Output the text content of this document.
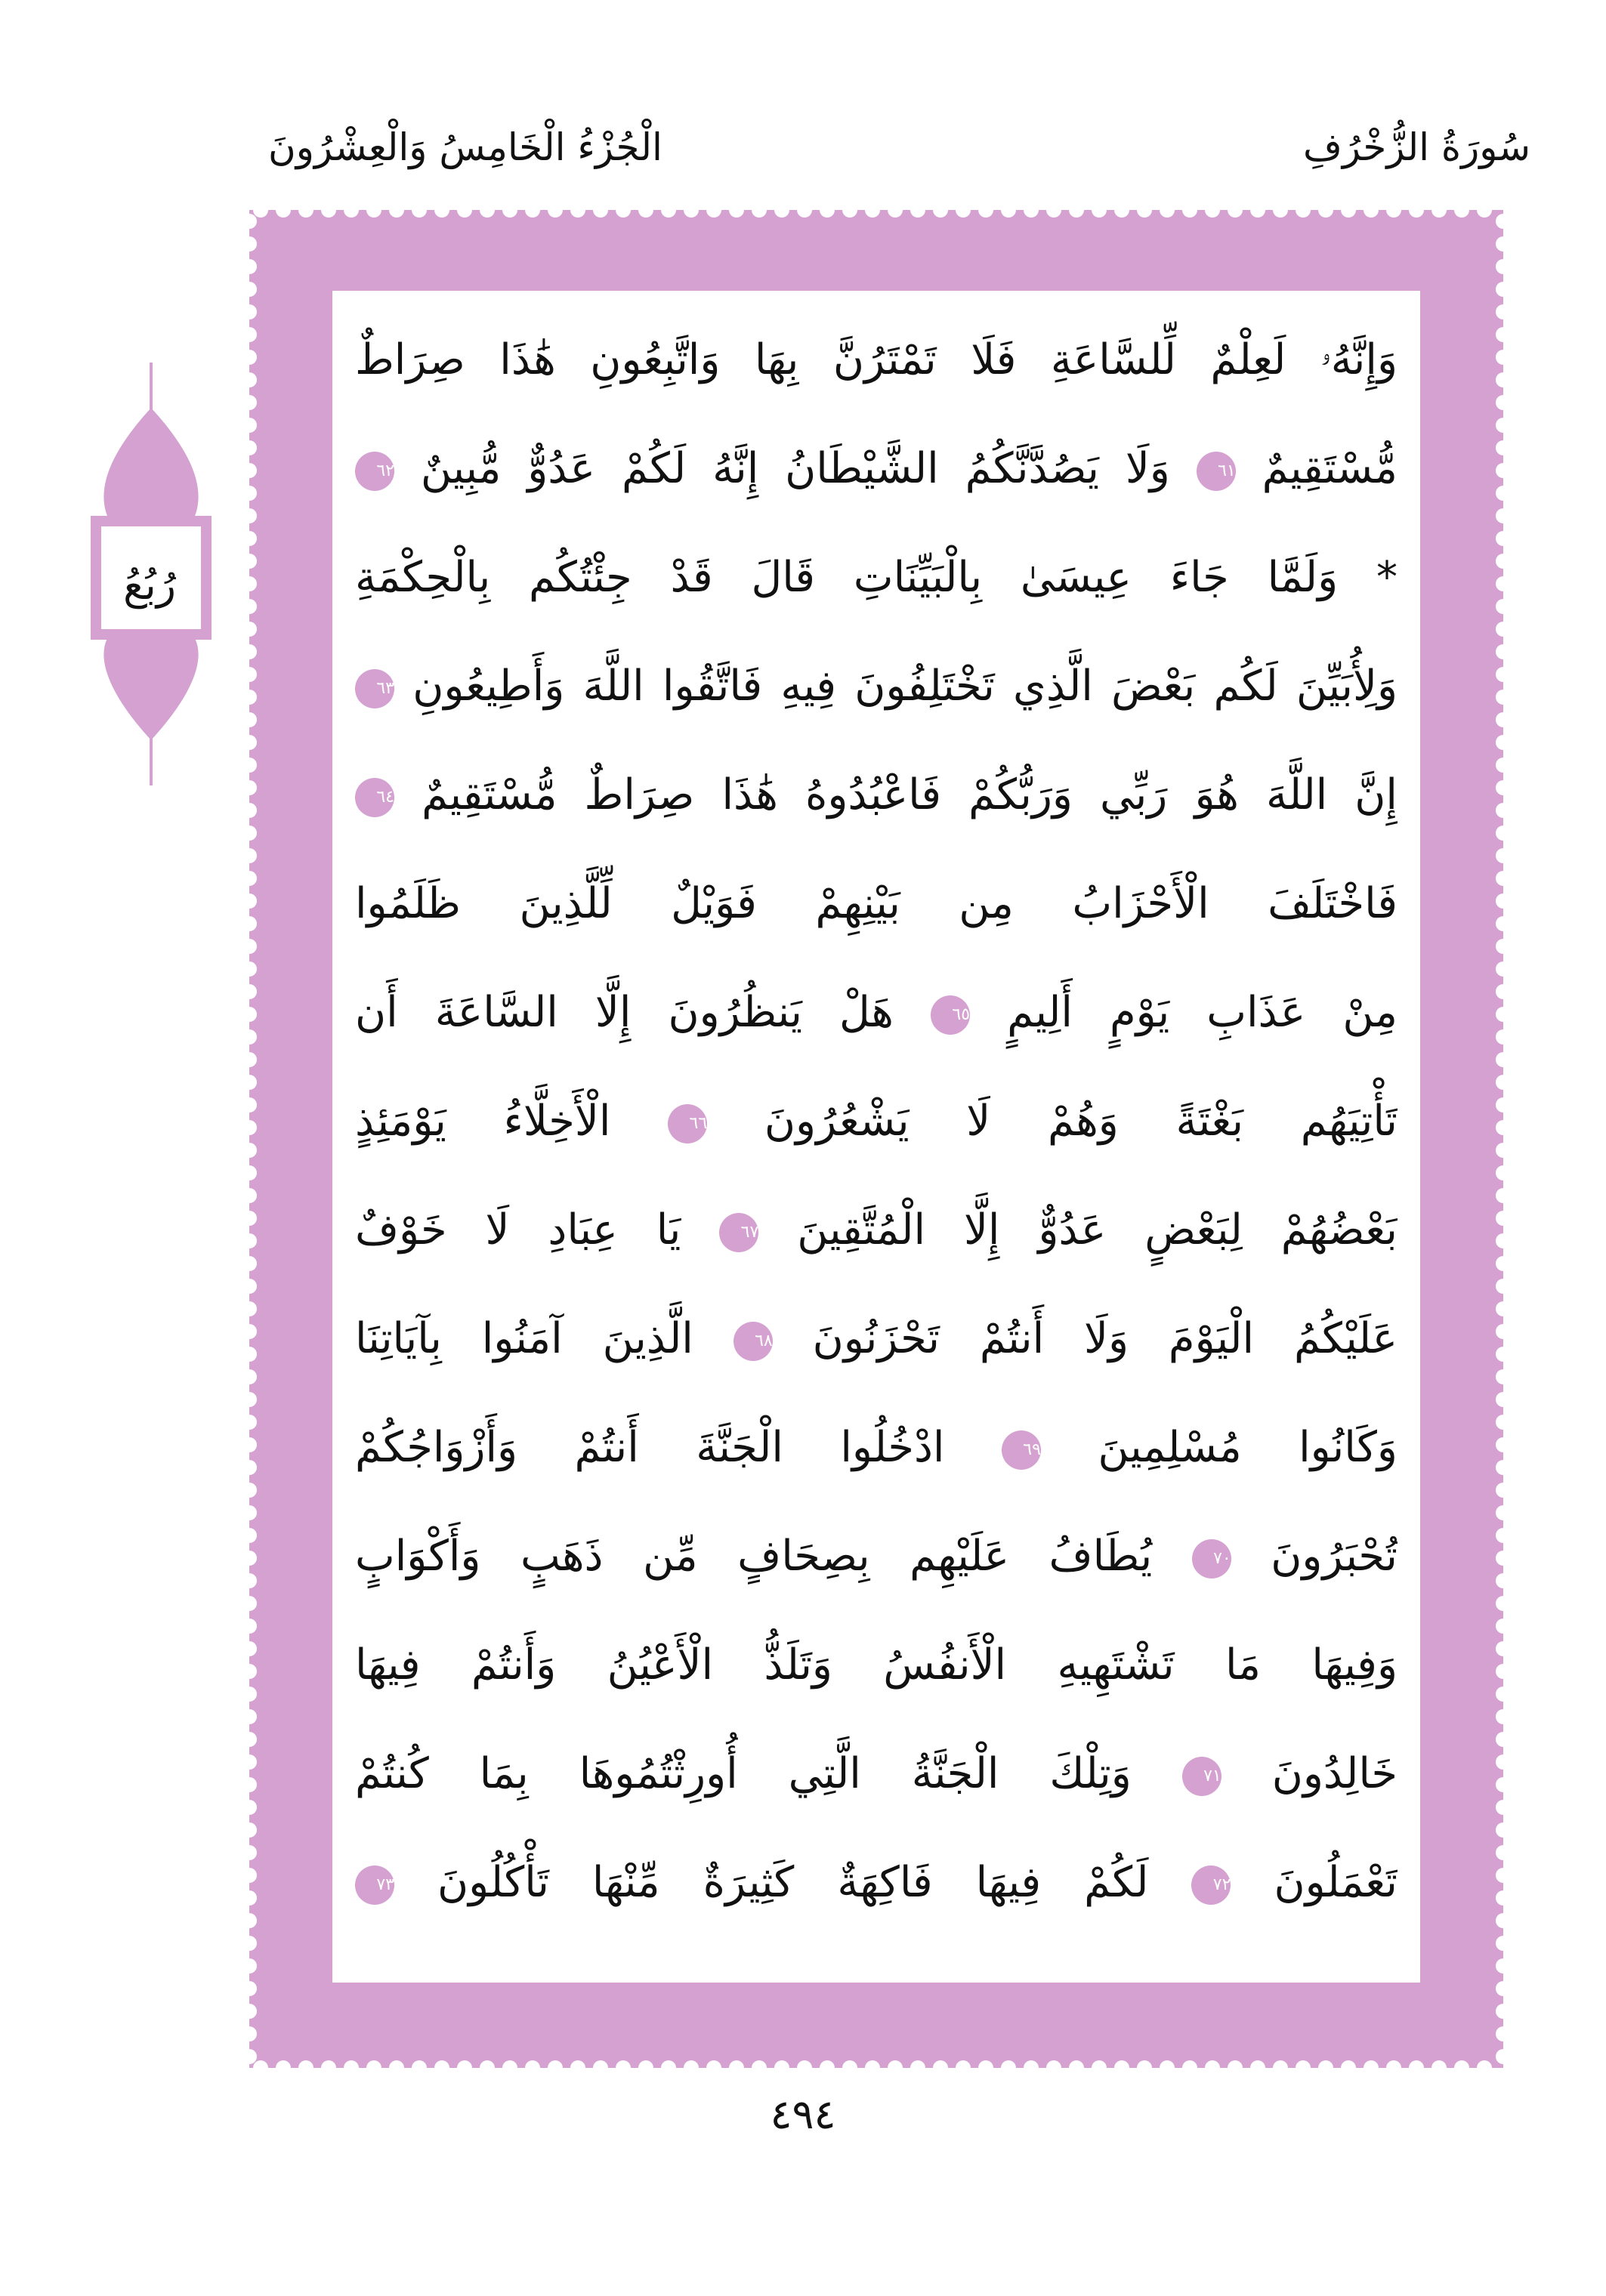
الْجُزْءُ الْخَامِسُ وَالْعِشْرُونَ	سُورَةُ الزُّخْرُفِ
رُبُعُ
وَإِنَّهُۥ لَعِلْمٌ لِّلسَّاعَةِ فَلَا تَمْتَرُنَّ بِهَا وَاتَّبِعُونِ هَٰذَا صِرَاطٌ
مُّسْتَقِيمٌ ٦١ وَلَا يَصُدَّنَّكُمُ الشَّيْطَانُ إِنَّهُ لَكُمْ عَدُوٌّ مُّبِينٌ ٦٢
* وَلَمَّا جَاءَ عِيسَىٰ بِالْبَيِّنَاتِ قَالَ قَدْ جِئْتُكُم بِالْحِكْمَةِ
وَلِأُبَيِّنَ لَكُم بَعْضَ الَّذِي تَخْتَلِفُونَ فِيهِ فَاتَّقُوا اللَّهَ وَأَطِيعُونِ ٦٣
إِنَّ اللَّهَ هُوَ رَبِّي وَرَبُّكُمْ فَاعْبُدُوهُ هَٰذَا صِرَاطٌ مُّسْتَقِيمٌ ٦٤
فَاخْتَلَفَ الْأَحْزَابُ مِن بَيْنِهِمْ فَوَيْلٌ لِّلَّذِينَ ظَلَمُوا
مِنْ عَذَابِ يَوْمٍ أَلِيمٍ ٦٥ هَلْ يَنظُرُونَ إِلَّا السَّاعَةَ أَن
تَأْتِيَهُم بَغْتَةً وَهُمْ لَا يَشْعُرُونَ ٦٦ الْأَخِلَّاءُ يَوْمَئِذٍ
بَعْضُهُمْ لِبَعْضٍ عَدُوٌّ إِلَّا الْمُتَّقِينَ ٦٧ يَا عِبَادِ لَا خَوْفٌ
عَلَيْكُمُ الْيَوْمَ وَلَا أَنتُمْ تَحْزَنُونَ ٦٨ الَّذِينَ آمَنُوا بِآيَاتِنَا
وَكَانُوا مُسْلِمِينَ ٦٩ ادْخُلُوا الْجَنَّةَ أَنتُمْ وَأَزْوَاجُكُمْ
تُحْبَرُونَ ٧٠ يُطَافُ عَلَيْهِم بِصِحَافٍ مِّن ذَهَبٍ وَأَكْوَابٍ
وَفِيهَا مَا تَشْتَهِيهِ الْأَنفُسُ وَتَلَذُّ الْأَعْيُنُ وَأَنتُمْ فِيهَا
خَالِدُونَ ٧١ وَتِلْكَ الْجَنَّةُ الَّتِي أُورِثْتُمُوهَا بِمَا كُنتُمْ
تَعْمَلُونَ ٧٢ لَكُمْ فِيهَا فَاكِهَةٌ كَثِيرَةٌ مِّنْهَا تَأْكُلُونَ ٧٣
٤٩٤
